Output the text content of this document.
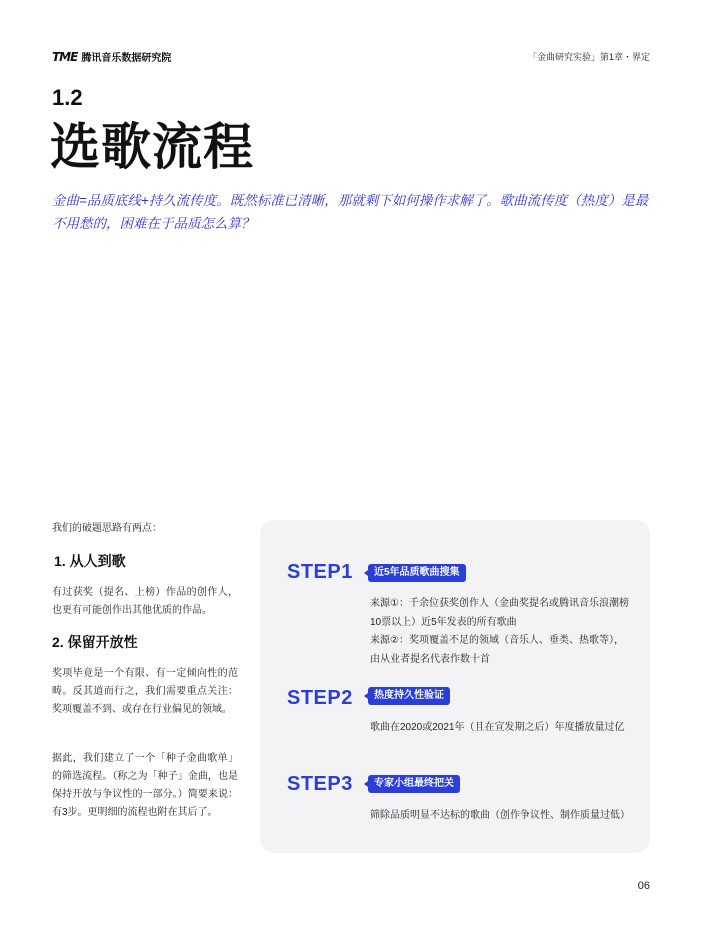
TME 腾讯音乐数据研究院	「金曲研究实验」第1章・界定
1.2
选歌流程
金曲=品质底线+持久流传度。既然标准已清晰，那就剩下如何操作求解了。歌曲流传度（热度）是最不用愁的，困难在于品质怎么算？
我们的破题思路有两点：
1. 从人到歌
有过获奖（提名、上榜）作品的创作人，也更有可能创作出其他优质的作品。
2. 保留开放性
奖项毕竟是一个有限、有一定倾向性的范畴。反其道而行之，我们需要重点关注：奖项覆盖不到、或存在行业偏见的领域。
据此，我们建立了一个「种子金曲歌单」的筛选流程。（称之为「种子」金曲，也是保持开放与争议性的一部分。）简要来说：有3步。更明细的流程也附在其后了。
STEP1	近5年品质歌曲搜集
来源①：千余位获奖创作人（金曲奖提名或腾讯音乐浪潮榜10票以上）近5年发表的所有歌曲
来源②：奖项覆盖不足的领域（音乐人、垂类、热歌等），由从业者提名代表作数十首
STEP2	热度持久性验证
歌曲在2020或2021年（且在宣发期之后）年度播放量过亿
STEP3	专家小组最终把关
筛除品质明显不达标的歌曲（创作争议性、制作质量过低）
06
